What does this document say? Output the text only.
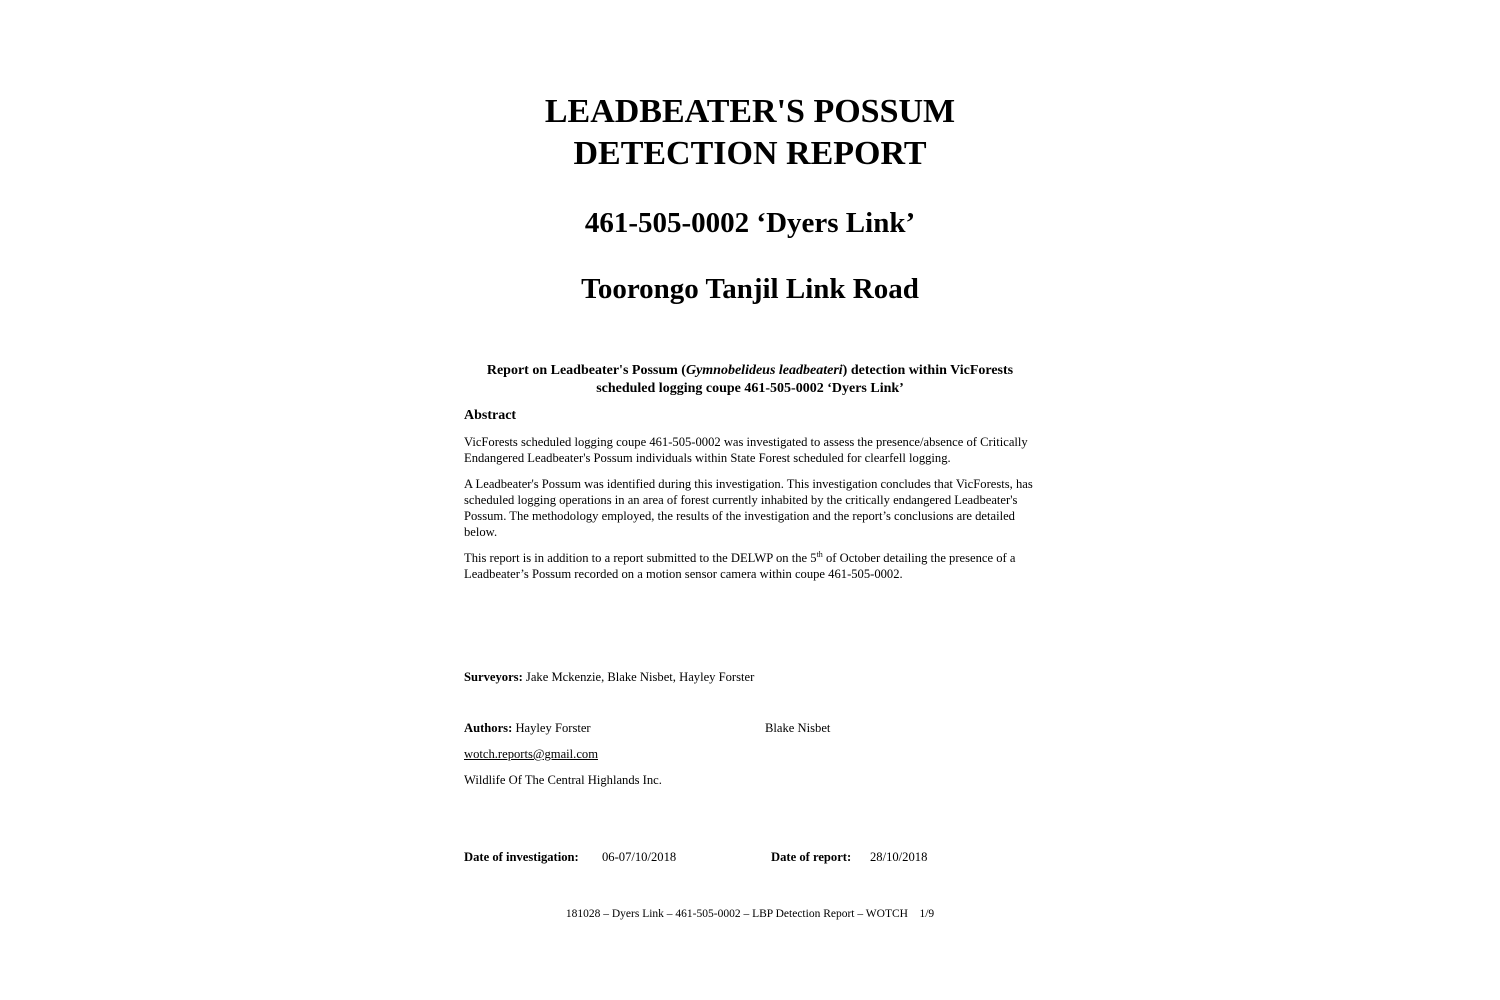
LEADBEATER'S POSSUM
DETECTION REPORT
461-505-0002 ‘Dyers Link’
Toorongo Tanjil Link Road

Report on Leadbeater's Possum (Gymnobelideus leadbeateri) detection within VicForests scheduled logging coupe 461-505-0002 ‘Dyers Link’

Abstract

VicForests scheduled logging coupe 461-505-0002 was investigated to assess the presence/absence of Critically Endangered Leadbeater's Possum individuals within State Forest scheduled for clearfell logging.

A Leadbeater's Possum was identified during this investigation. This investigation concludes that VicForests, has scheduled logging operations in an area of forest currently inhabited by the critically endangered Leadbeater's Possum. The methodology employed, the results of the investigation and the report’s conclusions are detailed below.

This report is in addition to a report submitted to the DELWP on the 5th of October detailing the presence of a Leadbeater’s Possum recorded on a motion sensor camera within coupe 461-505-0002.

Surveyors: Jake Mckenzie, Blake Nisbet, Hayley Forster

Authors: Hayley Forster	Blake Nisbet

wotch.reports@gmail.com

Wildlife Of The Central Highlands Inc.

Date of investigation: 06-07/10/2018	Date of report: 28/10/2018

181028 – Dyers Link – 461-505-0002 – LBP Detection Report – WOTCH    1/9
